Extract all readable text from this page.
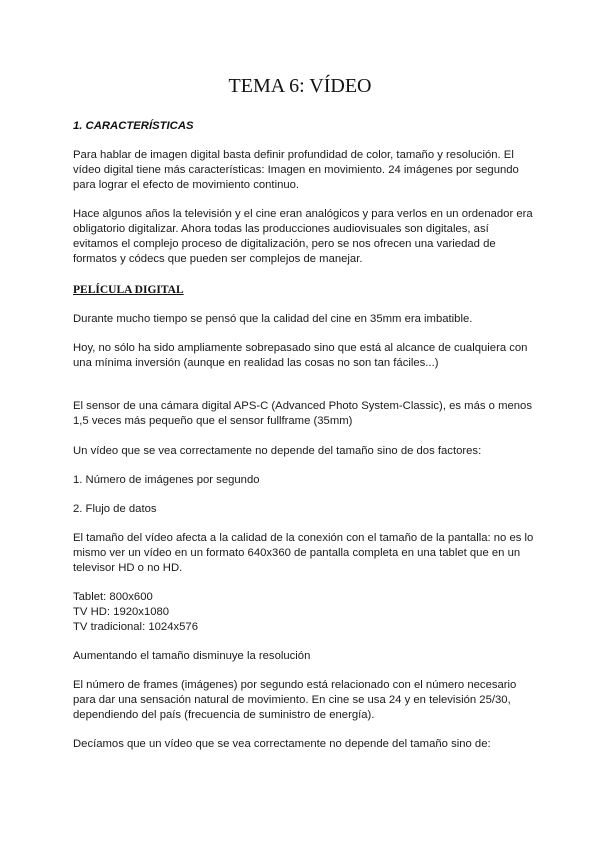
TEMA 6: VÍDEO
1. CARACTERÍSTICAS
Para hablar de imagen digital basta definir profundidad de color, tamaño y resolución. El
vídeo digital tiene más características: Imagen en movimiento. 24 imágenes por segundo
para lograr el efecto de movimiento continuo.
Hace algunos años la televisión y el cine eran analógicos y para verlos en un ordenador era
obligatorio digitalizar. Ahora todas las producciones audiovisuales son digitales, así
evitamos el complejo proceso de digitalización, pero se nos ofrecen una variedad de
formatos y códecs que pueden ser complejos de manejar.
PELÍCULA DIGITAL
Durante mucho tiempo se pensó que la calidad del cine en 35mm era imbatible.
Hoy, no sólo ha sido ampliamente sobrepasado sino que está al alcance de cualquiera con
una mínima inversión (aunque en realidad las cosas no son tan fáciles...)
El sensor de una cámara digital APS-C (Advanced Photo System-Classic), es más o menos
1,5 veces más pequeño que el sensor fullframe (35mm)
Un vídeo que se vea correctamente no depende del tamaño sino de dos factores:
1. Número de imágenes por segundo
2. Flujo de datos
El tamaño del vídeo afecta a la calidad de la conexión con el tamaño de la pantalla: no es lo
mismo ver un vídeo en un formato 640x360 de pantalla completa en una tablet que en un
televisor HD o no HD.
Tablet: 800x600
TV HD: 1920x1080
TV tradicional: 1024x576
Aumentando el tamaño disminuye la resolución
El número de frames (imágenes) por segundo está relacionado con el número necesario
para dar una sensación natural de movimiento. En cine se usa 24 y en televisión 25/30,
dependiendo del país (frecuencia de suministro de energía).
Decíamos que un vídeo que se vea correctamente no depende del tamaño sino de:
